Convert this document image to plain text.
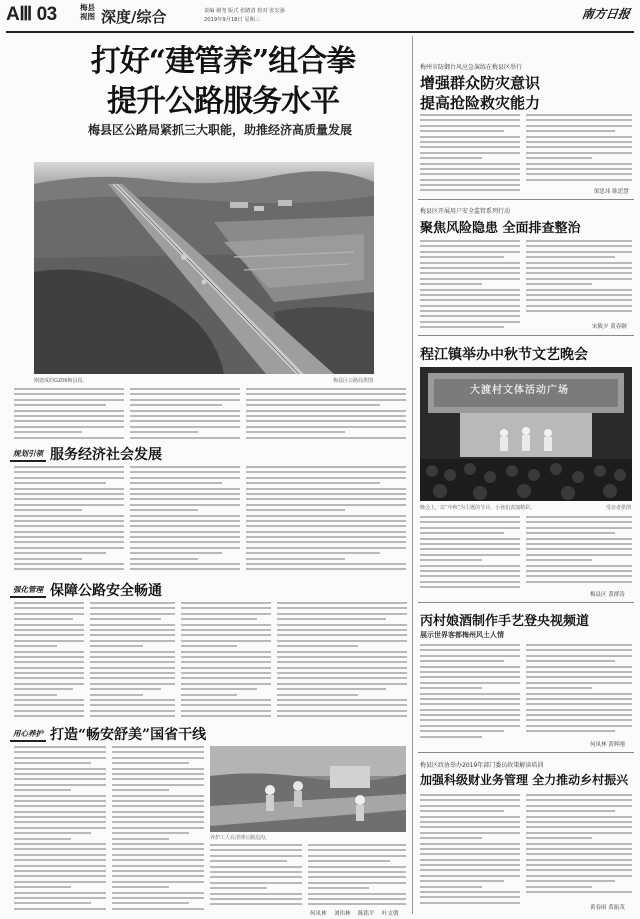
AⅢ 03	梅县视图 深度/综合	责编 谢尧 版式 张踏清 校对 张宏强
2019年9月18日 星期三	南方日报
打好“建管养”组合拳
提升公路服务水平
梅县区公路局紧抓三大职能，助推经济高质量发展
刚建成的G206梅县段。	梅县区公路局供图
规划引领 服务经济社会发展
强化管理 保障公路安全畅通
用心养护 打造“畅安舒美”国省干线
养护工人在清理公路边沟。
何凤林 刘伟林 陈铭平 叶文朝
梅州市防御台风应急演练在梅县区举行
增强群众防灾意识
提高抢险救灾能力
梁思玮 陈思慧
梅县区开展用户安全监管系列行动
聚焦风险隐患 全面排查整治
宋筱夕 黄春颢
程江镇举办中秋节文艺晚会
大渡村文体活动广场
晚会上，以“中秋”为主题的节目，小孩们表演精彩。	受访者供图
梅县区 黄群涛
丙村娘酒制作手艺登央视频道
展示世界客都梅州风土人情
何凤林 黄辉刚
梅县区政协举办2019年部门委员政策解读培训
加强科级财业务管理 全力推动乡村振兴
黄春雨 黄振茂
